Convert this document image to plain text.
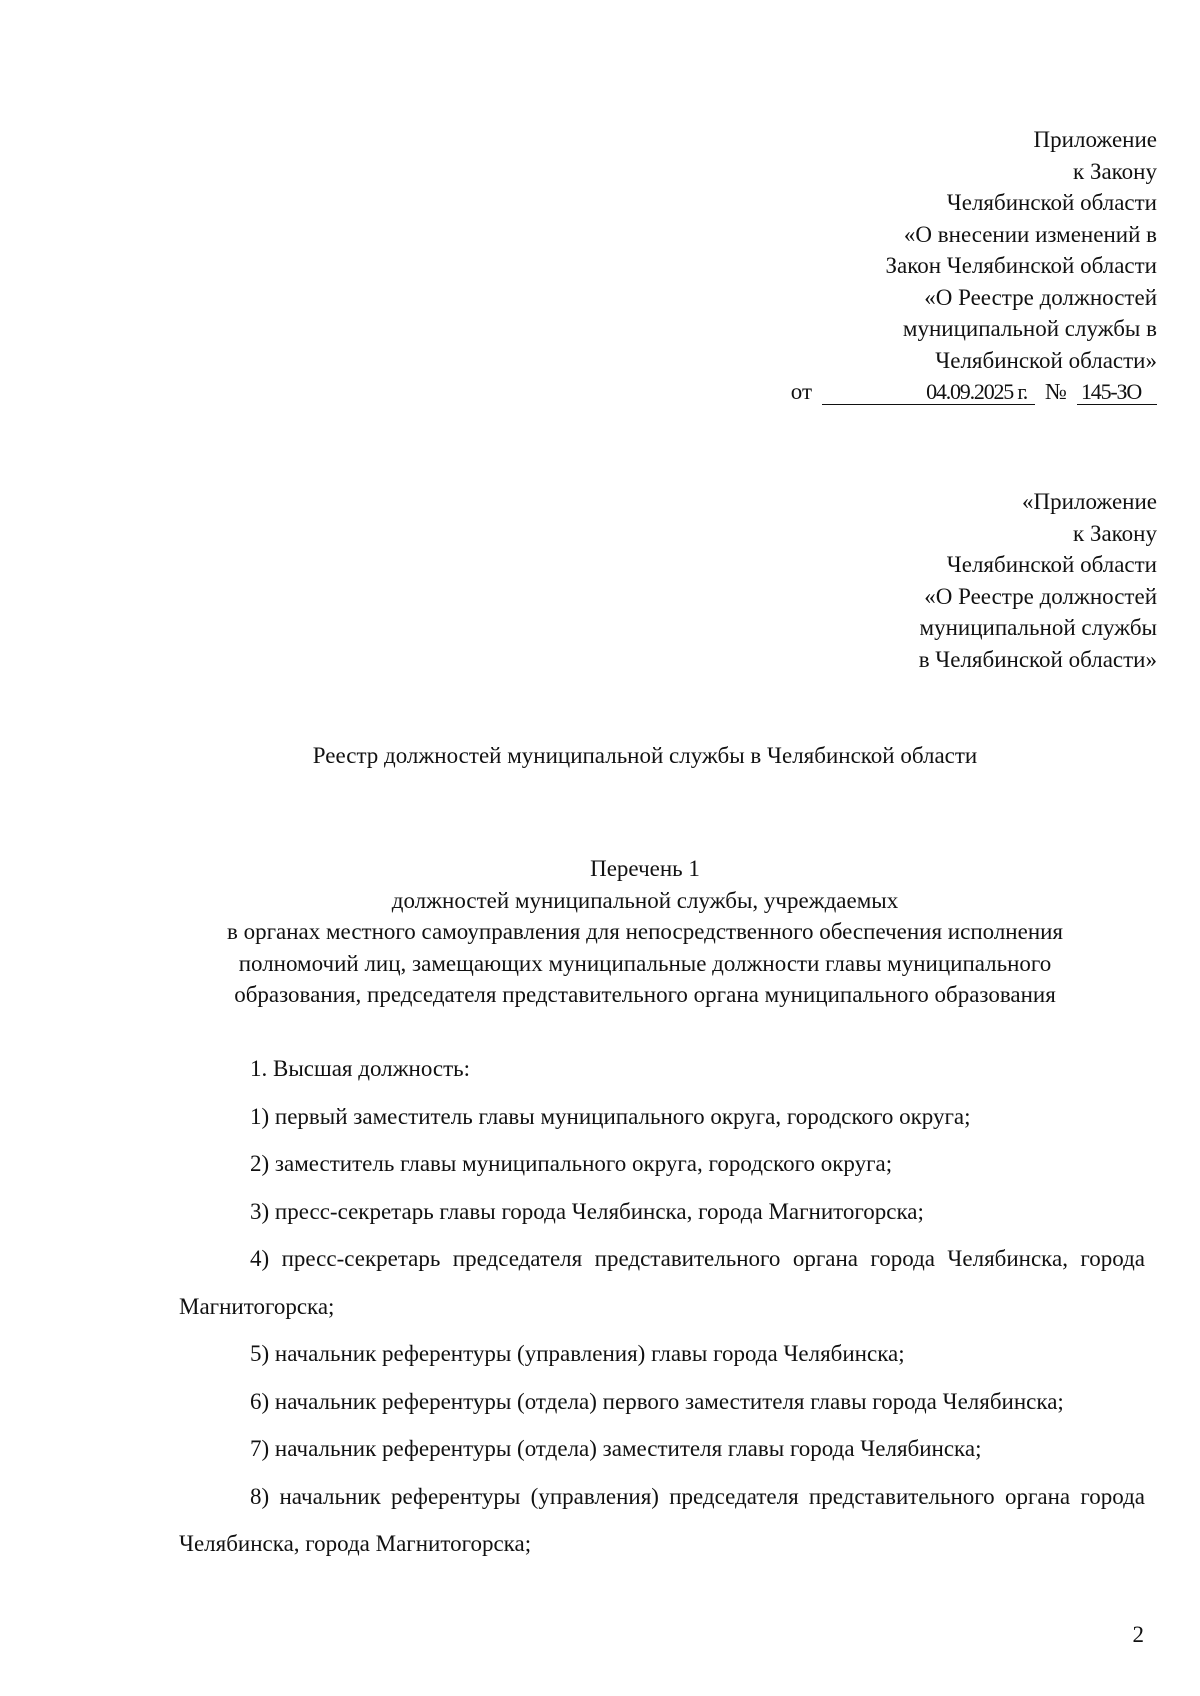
Приложение
к Закону
Челябинской области
«О внесении изменений в
Закон Челябинской области
«О Реестре должностей
муниципальной службы в
Челябинской области»
от	04.09.2025 г. № 145-ЗО
«Приложение
к Закону
Челябинской области
«О Реестре должностей
муниципальной службы
в Челябинской области»
Реестр должностей муниципальной службы в Челябинской области
Перечень 1
должностей муниципальной службы, учреждаемых
в органах местного самоуправления для непосредственного обеспечения исполнения
полномочий лиц, замещающих муниципальные должности главы муниципального
образования, председателя представительного органа муниципального образования

1. Высшая должность:

1) первый заместитель главы муниципального округа, городского округа;

2) заместитель главы муниципального округа, городского округа;

3) пресс-секретарь главы города Челябинска, города Магнитогорска;

4) пресс-секретарь председателя представительного органа города Челябинска, города Магнитогорска;

5) начальник референтуры (управления) главы города Челябинска;

6) начальник референтуры (отдела) первого заместителя главы города Челябинска;

7) начальник референтуры (отдела) заместителя главы города Челябинска;

8) начальник референтуры (управления) председателя представительного органа города Челябинска, города Магнитогорска;

2
